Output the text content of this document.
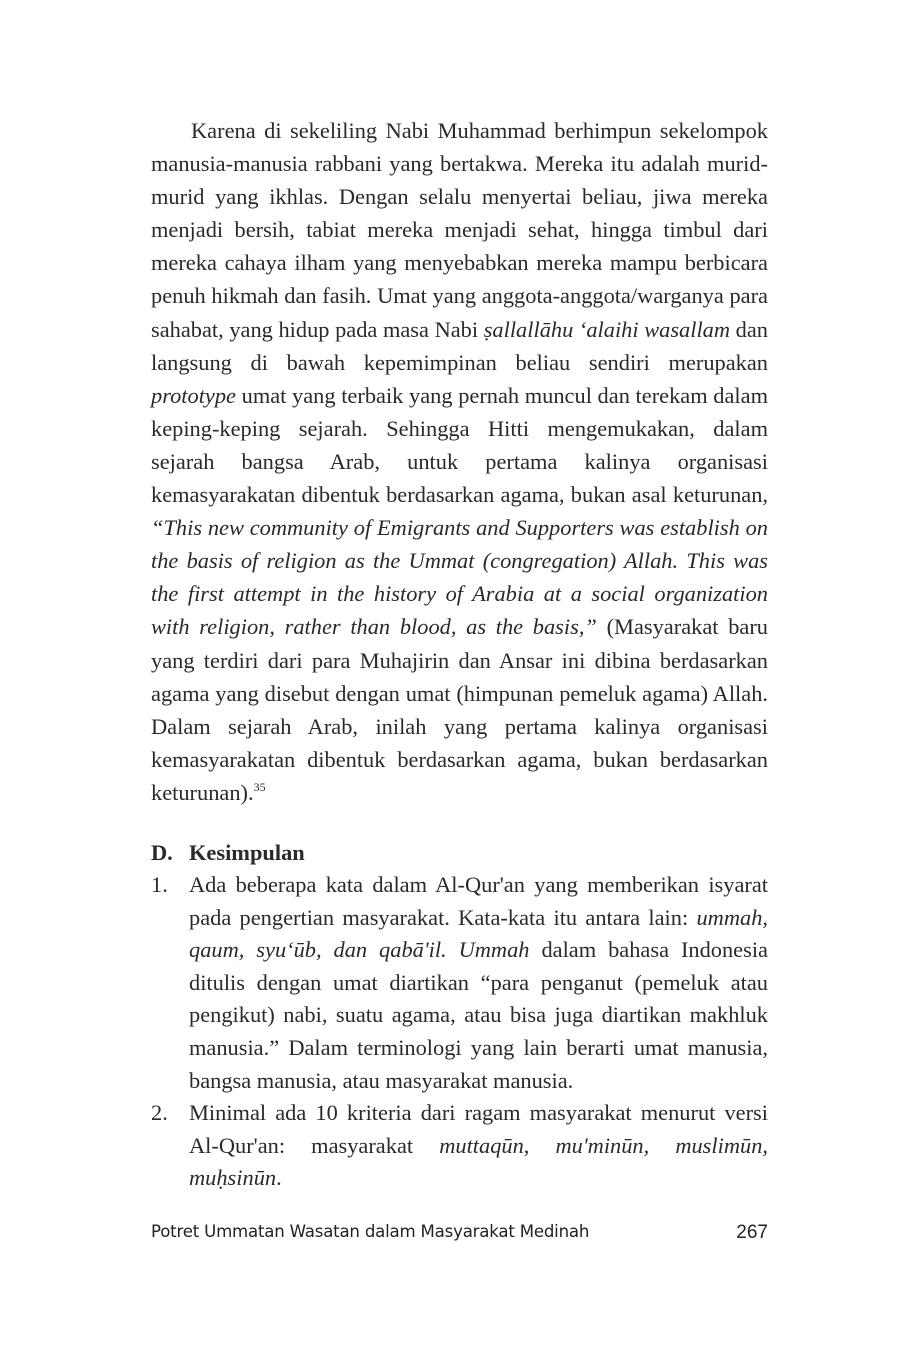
Karena di sekeliling Nabi Muhammad berhimpun sekelompok manusia-manusia rabbani yang bertakwa. Mereka itu adalah murid-murid yang ikhlas. Dengan selalu menyertai beliau, jiwa mereka menjadi bersih, tabiat mereka menjadi sehat, hingga timbul dari mereka cahaya ilham yang menyebabkan mereka mampu berbicara penuh hikmah dan fasih. Umat yang anggota-anggota/warganya para sahabat, yang hidup pada masa Nabi ṣallallāhu ‘alaihi wasallam dan langsung di bawah kepemimpinan beliau sendiri merupakan prototype umat yang terbaik yang pernah muncul dan terekam dalam keping-keping sejarah. Sehingga Hitti mengemukakan, dalam sejarah bangsa Arab, untuk pertama kalinya organisasi kemasyarakatan dibentuk berdasarkan agama, bukan asal keturunan, “This new community of Emigrants and Supporters was establish on the basis of religion as the Ummat (congregation) Allah. This was the first attempt in the history of Arabia at a social organization with religion, rather than blood, as the basis,” (Masyarakat baru yang terdiri dari para Muhajirin dan Ansar ini dibina berdasarkan agama yang disebut dengan umat (himpunan pemeluk agama) Allah. Dalam sejarah Arab, inilah yang pertama kalinya organisasi kemasyarakatan dibentuk berdasarkan agama, bukan berdasarkan keturunan).$^{35}$

D. Kesimpulan
1. Ada beberapa kata dalam Al-Qur'an yang memberikan isyarat pada pengertian masyarakat. Kata-kata itu antara lain: ummah, qaum, syu‘ūb, dan qabā'il. Ummah dalam bahasa Indonesia ditulis dengan umat diartikan “para penganut (pemeluk atau pengikut) nabi, suatu agama, atau bisa juga diartikan makhluk manusia.” Dalam terminologi yang lain berarti umat manusia, bangsa manusia, atau masyarakat manusia.
2. Minimal ada 10 kriteria dari ragam masyarakat menurut versi Al-Qur'an: masyarakat muttaqūn, mu'minūn, muslimūn, muḥsinūn.
Potret Ummatan Wasatan dalam Masyarakat Medinah	267
